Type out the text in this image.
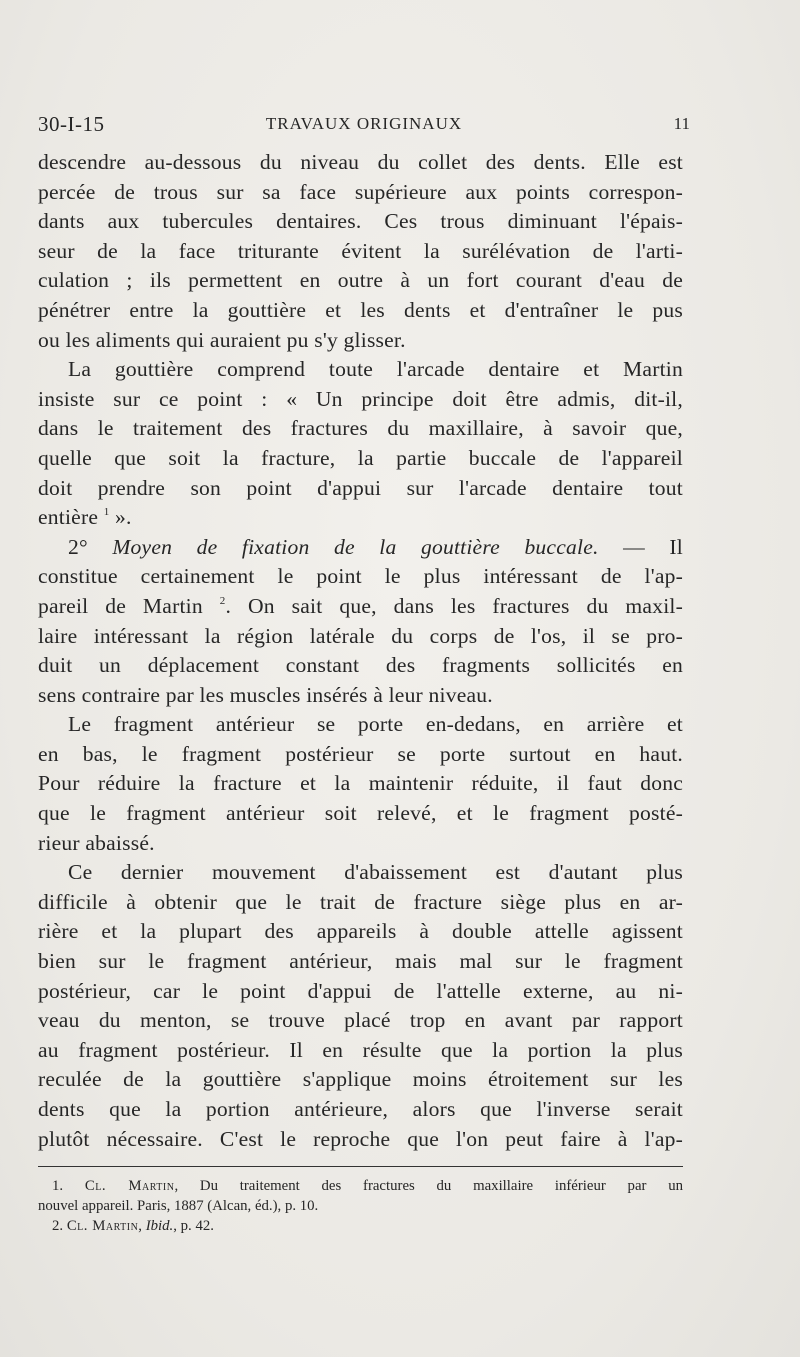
30-I-15	TRAVAUX ORIGINAUX	11

descendre au-dessous du niveau du collet des dents. Elle est

percée de trous sur sa face supérieure aux points correspon-

dants aux tubercules dentaires. Ces trous diminuant l'épais-

seur de la face triturante évitent la surélévation de l'arti-

culation ; ils permettent en outre à un fort courant d'eau de

pénétrer entre la gouttière et les dents et d'entraîner le pus

ou les aliments qui auraient pu s'y glisser.

La gouttière comprend toute l'arcade dentaire et Martin

insiste sur ce point : « Un principe doit être admis, dit-il,

dans le traitement des fractures du maxillaire, à savoir que,

quelle que soit la fracture, la partie buccale de l'appareil

doit prendre son point d'appui sur l'arcade dentaire tout

entière $^1$ ».

2° Moyen de fixation de la gouttière buccale. — Il

constitue certainement le point le plus intéressant de l'ap-

pareil de Martin $^2$. On sait que, dans les fractures du maxil-

laire intéressant la région latérale du corps de l'os, il se pro-

duit un déplacement constant des fragments sollicités en

sens contraire par les muscles insérés à leur niveau.

Le fragment antérieur se porte en-dedans, en arrière et

en bas, le fragment postérieur se porte surtout en haut.

Pour réduire la fracture et la maintenir réduite, il faut donc

que le fragment antérieur soit relevé, et le fragment posté-

rieur abaissé.

Ce dernier mouvement d'abaissement est d'autant plus

difficile à obtenir que le trait de fracture siège plus en ar-

rière et la plupart des appareils à double attelle agissent

bien sur le fragment antérieur, mais mal sur le fragment

postérieur, car le point d'appui de l'attelle externe, au ni-

veau du menton, se trouve placé trop en avant par rapport

au fragment postérieur. Il en résulte que la portion la plus

reculée de la gouttière s'applique moins étroitement sur les

dents que la portion antérieure, alors que l'inverse serait

plutôt nécessaire. C'est le reproche que l'on peut faire à l'ap-

1. Cl. Martin, Du traitement des fractures du maxillaire inférieur par un

nouvel appareil. Paris, 1887 (Alcan, éd.), p. 10.

2. Cl. Martin, Ibid., p. 42.
